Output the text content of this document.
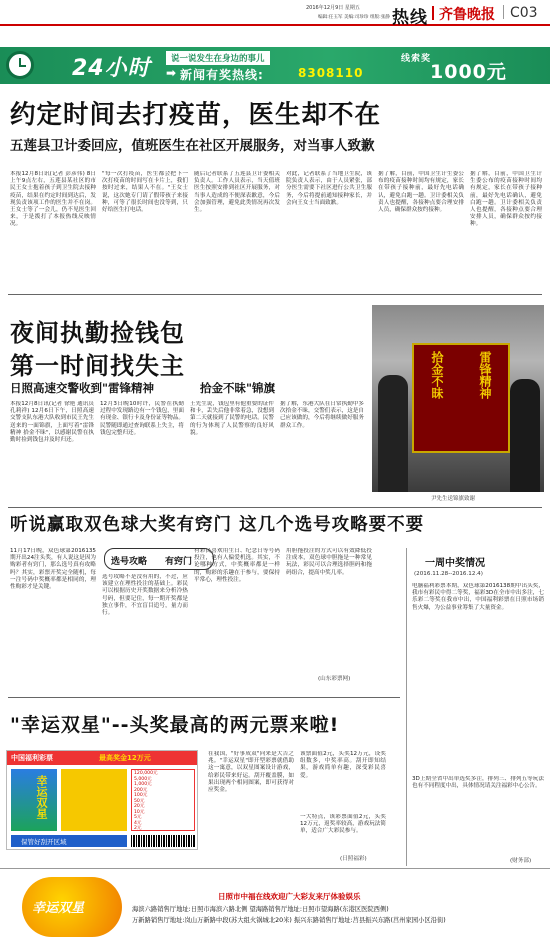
2016年12月9日 星期五
编辑:任玉军 美编:司珍珍 组版:张静 热线 齐鲁晚报 C03
24小时	说一说发生在身边的事儿
➡ 新闻有奖热线:	8308110
线索奖
1000元
约定时间去打疫苗，医生却不在
五莲县卫计委回应，值班医生在社区开展服务，对当事人致歉
本报12月8日讯(记者 彭彦伟) 8日上午9点左右，五莲县某社区的市民王女士抱着孩子到卫生院去接种疫苗，结果在约定时间到达后，发现负责该项工作的医生并不在岗。王女士等了一会儿，仍不见医生回来，于是拨打了本报热线反映情况。
"每一次打疫苗，医生都会把下一次打疫苗的时间写在卡片上，我们按时过来，结果人不在。"王女士说，这次她专门请了假带孩子来接种，可等了很长时间也没等到，只好给医生打电话。
随后记者联系了五莲县卫计委相关负责人。工作人员表示，当天值班医生按照安排到社区开展服务，对当事人造成的不便深表歉意，今后会加强管理，避免此类情况再次发生。
对此，记者联系了当地卫生院，该院负责人表示，由于人员紧张，部分医生需要下社区进行公共卫生服务，今后将提前通知接种家长，并会向王女士当面致歉。
据了解，目前，中国卫生计生委公布的疫苗接种时间均有规定，家长在带孩子接种前，最好先电话确认，避免白跑一趟。卫计委相关负责人也提醒，各接种点要合理安排人员，确保群众按约接种。
据了解，目前，中国卫生计生委公布的疫苗接种时间均有规定，家长在带孩子接种前，最好先电话确认，避免白跑一趟。卫计委相关负责人也提醒，各接种点要合理安排人员，确保群众按约接种。
夜间执勤捡钱包
第一时间找失主
日照高速交警收到"雷锋精神	拾金不昧"锦旗
本报12月8日讯(记者 徐艳 通讯员 孔莉祥) 12月6日下午，日照高速交警支队东港大队收到市民王先生送来的一面锦旗，上面写着"雷锋精神 拾金不昧"，以感谢民警在执勤时捡到钱包并及时归还。
12月3日晚10时许，民警在执勤过程中发现路边有一个钱包，里面有现金、银行卡及身份证等物品。民警随即通过查询联系上失主，将钱包完整归还。
王先生说，钱包里有他重要的证件和卡，丢失后他非常着急，没想到第二天就接到了民警的电话。民警的行为体现了人民警察的良好风貌。
据了解，东港大队在日常执勤中多次拾金不昧，交警们表示，这是自己应该做的，今后将继续做好服务群众工作。
拾金不昧	雷锋精神
尹先生送锦旗致谢
听说赢取双色球大奖有窍门 这几个选号攻略要不要
11月17日晚，双色球第2016135期开出24注头奖，有人说这是因为购彩者有窍门，那么选号真有攻略吗？其实，彩票开奖完全随机，每一注号码中奖概率都是相同的，理性购彩才是关键。
选号攻略 有窍门
选号攻略不是没有用的，不过，应该建立在理性投注的基础上。彩民可以根据历史开奖数据来分析冷热号码，但要记住，每一期开奖都是独立事件，不宜盲目追号，量力而行。
有彩民喜欢用生日、纪念日等号码投注，也有人偏爱机选。其实，不论哪种方式，中奖概率都是一样的，购彩的乐趣在于参与，要保持平常心，理性投注。
用胆拖投注的方式可以有效降低投注成本，双色球中胆拖是一种常见玩法，彩民可以合理选择胆码和拖码组合，提高中奖几率。
(山东彩票网)
一周中奖情况
(2016.11.28--2016.12.4)
电脑福利彩票本期，双色球第2016138期中出头奖，我市有彩民中得二等奖，福彩3D在全市中出多注，七乐彩二等奖在我市中出，中国福利彩票在日照市场销售火爆，为公益事业筹集了大量资金。
3D上期全省中出单选奖多注，排列三、排列五等玩法也有不同程度中出，具体情况请关注福彩中心公告。
(财务部)
"幸运双星"--头奖最高的两元票来啦!
中国福利彩票	最高奖金12万元
幸运双星
120,000元
5,000元
1,000元
200元
100元
50元
20元
10元
5元
4元
2元
保管好刮开区域
在我国，"好事成双"向来是大吉之兆。"幸运双星"即开型彩票就借助这一寓意，以双星图案设计游戏，给彩民带来好运。刮开覆盖膜，如果出现两个相同图案，即可获得对应奖金。
该票面值2元，头奖12万元，设奖组数多，中奖率高。刮开即知结果，游戏简单有趣，深受彩民喜爱。
一大特点，该彩票面值2元，头奖12万元，返奖率较高，游戏玩法简单，适合广大彩民参与。
(日照福彩)
幸运双星
日照市中福在线欢迎广大彩友来厅体验娱乐
海滨六路销售厅地址:日照市海滨六路北侧 望海路销售厅地址:日照市望海路(东港区医院西侧)
万新路销售厅地址:岚山万新路中段(苏大组火锅城北20米) 振兴东路销售厅地址:莒县振兴东路(莒州家园小区沿街)
